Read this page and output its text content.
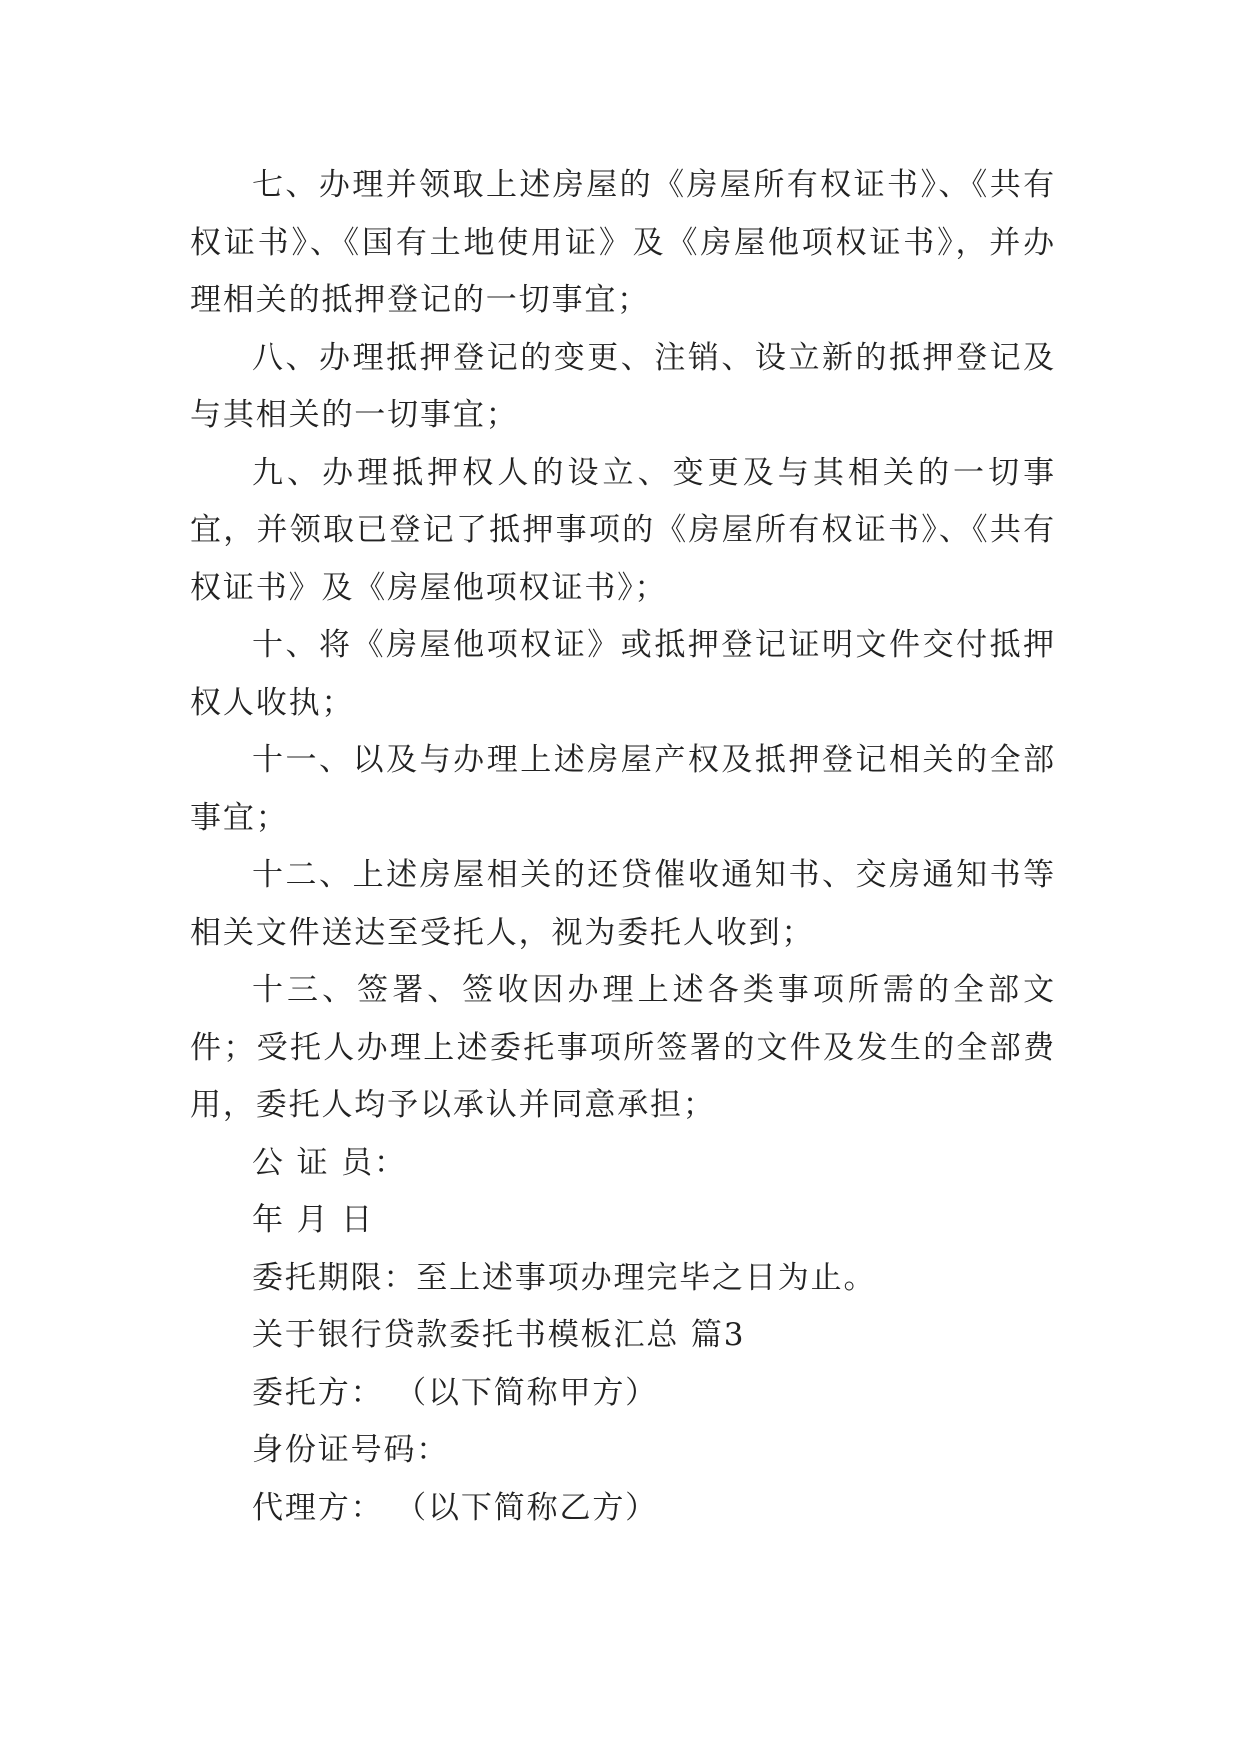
七、办理并领取上述房屋的《房屋所有权证书》、《共有权证书》、《国有土地使用证》及《房屋他项权证书》，并办理相关的抵押登记的一切事宜；

八、办理抵押登记的变更、注销、设立新的抵押登记及与其相关的一切事宜；

九、办理抵押权人的设立、变更及与其相关的一切事宜，并领取已登记了抵押事项的《房屋所有权证书》、《共有权证书》及《房屋他项权证书》；

十、将《房屋他项权证》或抵押登记证明文件交付抵押权人收执；

十一、以及与办理上述房屋产权及抵押登记相关的全部事宜；

十二、上述房屋相关的还贷催收通知书、交房通知书等相关文件送达至受托人，视为委托人收到；

十三、签署、签收因办理上述各类事项所需的全部文件；受托人办理上述委托事项所签署的文件及发生的全部费用，委托人均予以承认并同意承担；

公 证 员：

年 月 日

委托期限：至上述事项办理完毕之日为止。

关于银行贷款委托书模板汇总 篇3

委托方： （以下简称甲方）

身份证号码：

代理方： （以下简称乙方）
